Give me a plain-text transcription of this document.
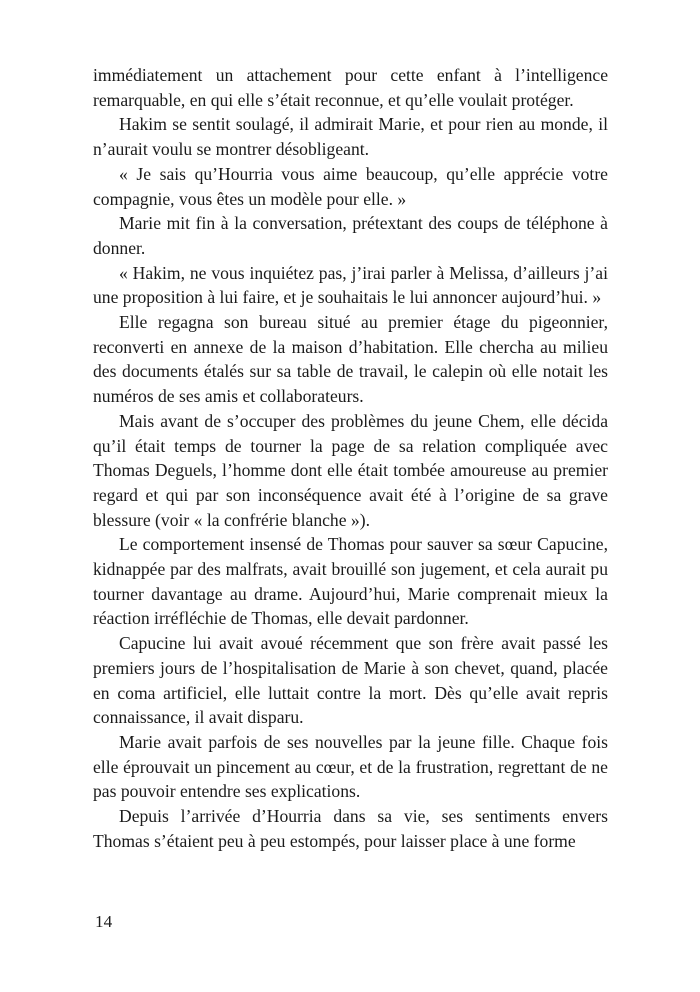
immédiatement un attachement pour cette enfant à l’intelligence remarquable, en qui elle s’était reconnue, et qu’elle voulait protéger.

Hakim se sentit soulagé, il admirait Marie, et pour rien au monde, il n’aurait voulu se montrer désobligeant.

« Je sais qu’Hourria vous aime beaucoup, qu’elle apprécie votre compagnie, vous êtes un modèle pour elle. »

Marie mit fin à la conversation, prétextant des coups de téléphone à donner.

« Hakim, ne vous inquiétez pas, j’irai parler à Melissa, d’ailleurs j’ai une proposition à lui faire, et je souhaitais le lui annoncer aujourd’hui. »

Elle regagna son bureau situé au premier étage du pigeonnier, reconverti en annexe de la maison d’habitation. Elle chercha au milieu des documents étalés sur sa table de travail, le calepin où elle notait les numéros de ses amis et collaborateurs.

Mais avant de s’occuper des problèmes du jeune Chem, elle décida qu’il était temps de tourner la page de sa relation compliquée avec Thomas Deguels, l’homme dont elle était tombée amoureuse au premier regard et qui par son inconséquence avait été à l’origine de sa grave blessure (voir « la confrérie blanche »).

Le comportement insensé de Thomas pour sauver sa sœur Capucine, kidnappée par des malfrats, avait brouillé son jugement, et cela aurait pu tourner davantage au drame. Aujourd’hui, Marie comprenait mieux la réaction irréfléchie de Thomas, elle devait pardonner.

Capucine lui avait avoué récemment que son frère avait passé les premiers jours de l’hospitalisation de Marie à son chevet, quand, placée en coma artificiel, elle luttait contre la mort. Dès qu’elle avait repris connaissance, il avait disparu.

Marie avait parfois de ses nouvelles par la jeune fille. Chaque fois elle éprouvait un pincement au cœur, et de la frustration, regrettant de ne pas pouvoir entendre ses explications.

Depuis l’arrivée d’Hourria dans sa vie, ses sentiments envers Thomas s’étaient peu à peu estompés, pour laisser place à une forme

14
